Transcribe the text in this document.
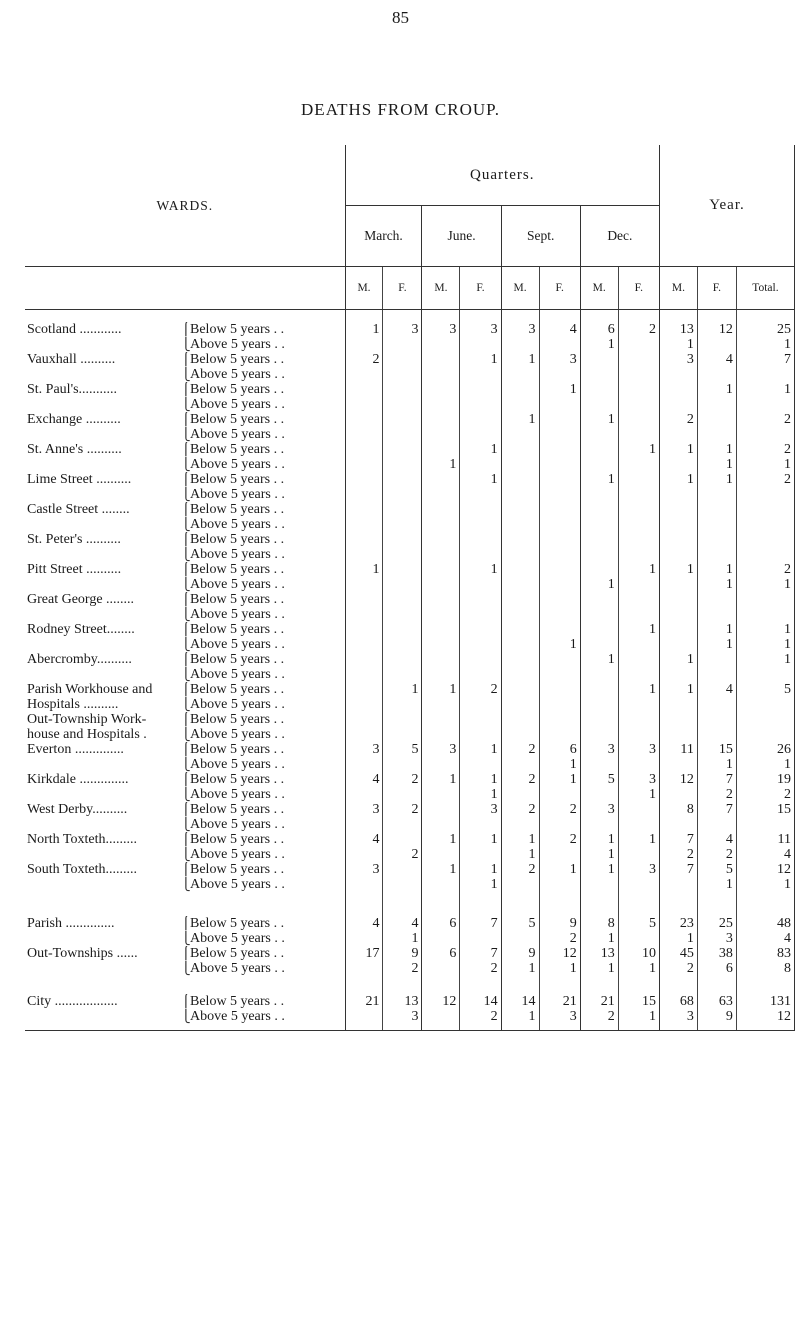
85
DEATHS FROM CROUP.
WARDS.		Quarters.								Year.		
		March.		June.		Sept.		Dec.				
		M.	F.	M.	F.	M.	F.	M.	F.	M.	F.	Total.

Scotland ............	⎧Below 5 years . .	1	3	3	3	3	4	6	2	13	12	25
	⎩Above 5 years . .							1		1		1
Vauxhall ..........	⎧Below 5 years . .	2			1	1	3			3	4	7
	⎩Above 5 years . .											
St. Paul's...........	⎧Below 5 years . .						1				1	1
	⎩Above 5 years . .											
Exchange ..........	⎧Below 5 years . .					1		1		2		2
	⎩Above 5 years . .											
St. Anne's ..........	⎧Below 5 years . .				1				1	1	1	2
	⎩Above 5 years . .			1							1	1
Lime Street ..........	⎧Below 5 years . .				1			1		1	1	2
	⎩Above 5 years . .											
Castle Street ........	⎧Below 5 years . .											
	⎩Above 5 years . .											
St. Peter's ..........	⎧Below 5 years . .											
	⎩Above 5 years . .											
Pitt Street ..........	⎧Below 5 years . .	1			1				1	1	1	2
	⎩Above 5 years . .							1			1	1
Great George ........	⎧Below 5 years . .											
	⎩Above 5 years . .											
Rodney Street........	⎧Below 5 years . .								1		1	1
	⎩Above 5 years . .						1				1	1
Abercromby..........	⎧Below 5 years . .							1		1		1
	⎩Above 5 years . .											
Parish Workhouse and	⎧Below 5 years . .		1	1	2				1	1	4	5
Hospitals ..........	⎩Above 5 years . .											
Out-Township Work-	⎧Below 5 years . .											
house and Hospitals .	⎩Above 5 years . .											
Everton ..............	⎧Below 5 years . .	3	5	3	1	2	6	3	3	11	15	26
	⎩Above 5 years . .						1				1	1
Kirkdale ..............	⎧Below 5 years . .	4	2	1	1	2	1	5	3	12	7	19
	⎩Above 5 years . .				1				1		2	2
West Derby..........	⎧Below 5 years . .	3	2		3	2	2	3		8	7	15
	⎩Above 5 years . .											
North Toxteth.........	⎧Below 5 years . .	4		1	1	1	2	1	1	7	4	11
	⎩Above 5 years . .		2			1		1		2	2	4
South Toxteth.........	⎧Below 5 years . .	3		1	1	2	1	1	3	7	5	12
	⎩Above 5 years . .				1						1	1

Parish ..............	⎧Below 5 years . .	4	4	6	7	5	9	8	5	23	25	48
	⎩Above 5 years . .		1				2	1		1	3	4
Out-Townships ......	⎧Below 5 years . .	17	9	6	7	9	12	13	10	45	38	83
	⎩Above 5 years . .		2		2	1	1	1	1	2	6	8

City ..................	⎧Below 5 years . .	21	13	12	14	14	21	21	15	68	63	131
	⎩Above 5 years . .		3		2	1	3	2	1	3	9	12
